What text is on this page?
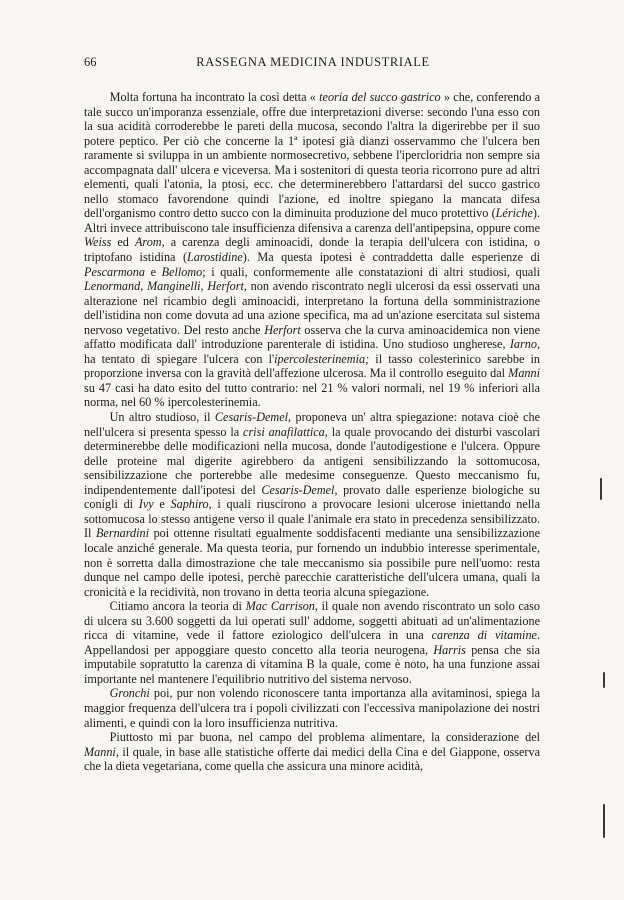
66	RASSEGNA MEDICINA INDUSTRIALE

Molta fortuna ha incontrato la così detta « teoria del succo gastrico » che, conferendo a tale succo un'imporanza essenziale, offre due interpretazioni diverse: secondo l'una esso con la sua acidità corroderebbe le pareti della mucosa, secondo l'altra la digerirebbe per il suo potere peptico. Per ciò che concerne la 1ª ipotesi già dianzi osservammo che l'ulcera ben raramente si sviluppa in un ambiente normosecretivo, sebbene l'ipercloridria non sempre sia accompagnata dall' ulcera e viceversa. Ma i sostenitori di questa teoria ricorrono pure ad altri elementi, quali l'atonia, la ptosi, ecc. che determinerebbero l'attardarsi del succo gastrico nello stomaco favorendone quindi l'azione, ed inoltre spiegano la mancata difesa dell'organismo contro detto succo con la diminuita produzione del muco protettivo (Lériche). Altri invece attribuiscono tale insufficienza difensiva a carenza dell'antipepsina, oppure come Weiss ed Arom, a carenza degli aminoacidi, donde la terapia dell'ulcera con istidina, o triptofano istidina (Larostidine). Ma questa ipotesi è contraddetta dalle esperienze di Pescarmona e Bellomo; i quali, conformemente alle constatazioni di altri studiosi, quali Lenormand, Manginelli, Herfort, non avendo riscontrato negli ulcerosi da essi osservati una alterazione nel ricambio degli aminoacidi, interpretano la fortuna della somministrazione dell'istidina non come dovuta ad una azione specifica, ma ad un'azione esercitata sul sistema nervoso vegetativo. Del resto anche Herfort osserva che la curva aminoacidemica non viene affatto modificata dall' introduzione parenterale di istidina. Uno studioso ungherese, Iarno, ha tentato di spiegare l'ulcera con l'ipercolesterinemia; il tasso colesterinico sarebbe in proporzione inversa con la gravità dell'affezione ulcerosa. Ma il controllo eseguito dal Manni su 47 casi ha dato esito del tutto contrario: nel 21 % valori normali, nel 19 % inferiori alla norma, nel 60 % ipercolesterinemia.

Un altro studioso, il Cesaris-Demel, proponeva un' altra spiegazione: notava cioè che nell'ulcera si presenta spesso la crisi anafilattica, la quale provocando dei disturbi vascolari determinerebbe delle modificazioni nella mucosa, donde l'autodigestione e l'ulcera. Oppure delle proteine mal digerite agirebbero da antigeni sensibilizzando la sottomucosa, sensibilizzazione che porterebbe alle medesime conseguenze. Questo meccanismo fu, indipendentemente dall'ipotesi del Cesaris-Demel, provato dalle esperienze biologiche su conigli di Ivy e Saphiro, i quali riuscirono a provocare lesioni ulcerose iniettando nella sottomucosa lo stesso antigene verso il quale l'animale era stato in precedenza sensibilizzato. Il Bernardini poi ottenne risultati egualmente soddisfacenti mediante una sensibilizzazione locale anziché generale. Ma questa teoria, pur fornendo un indubbio interesse sperimentale, non è sorretta dalla dimostrazione che tale meccanismo sia possibile pure nell'uomo: resta dunque nel campo delle ipotesi, perchè parecchie caratteristiche dell'ulcera umana, quali la cronicità e la recidività, non trovano in detta teoria alcuna spiegazione.

Citiamo ancora la teoria di Mac Carrison, il quale non avendo riscontrato un solo caso di ulcera su 3.600 soggetti da lui operati sull' addome, soggetti abituati ad un'alimentazione ricca di vitamine, vede il fattore eziologico dell'ulcera in una carenza di vitamine. Appellandosi per appoggiare questo concetto alla teoria neurogena, Harris pensa che sia imputabile sopratutto la carenza di vitamina B la quale, come è noto, ha una funzione assai importante nel mantenere l'equilibrio nutritivo del sistema nervoso.

Gronchi poi, pur non volendo riconoscere tanta importanza alla avitaminosi, spiega la maggior frequenza dell'ulcera tra i popoli civilizzati con l'eccessiva manipolazione dei nostri alimenti, e quindi con la loro insufficienza nutritiva.

Piuttosto mi par buona, nel campo del problema alimentare, la considerazione del Manni, il quale, in base alle statistiche offerte dai medici della Cina e del Giappone, osserva che la dieta vegetariana, come quella che assicura una minore acidità,
